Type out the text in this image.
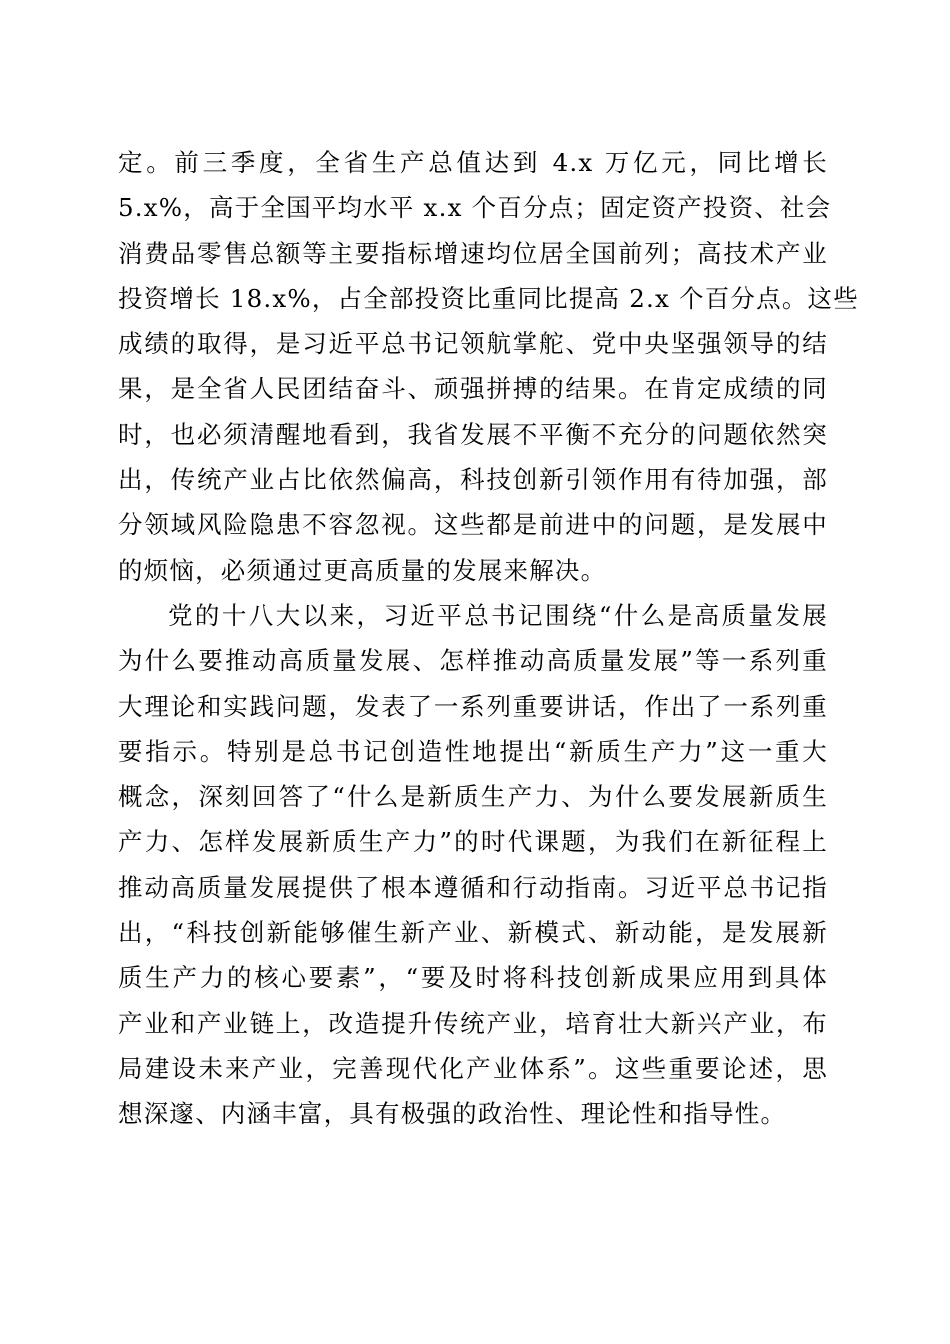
定。前三季度，全省生产总值达到 4.x 万亿元，同比增长
5.x%，高于全国平均水平 x.x 个百分点；固定资产投资、社会
消费品零售总额等主要指标增速均位居全国前列；高技术产业
投资增长 18.x%，占全部投资比重同比提高 2.x 个百分点。这些
成绩的取得，是习近平总书记领航掌舵、党中央坚强领导的结
果，是全省人民团结奋斗、顽强拼搏的结果。在肯定成绩的同
时，也必须清醒地看到，我省发展不平衡不充分的问题依然突
出，传统产业占比依然偏高，科技创新引领作用有待加强，部
分领域风险隐患不容忽视。这些都是前进中的问题，是发展中
的烦恼，必须通过更高质量的发展来解决。
党的十八大以来，习近平总书记围绕“什么是高质量发展
为什么要推动高质量发展、怎样推动高质量发展”等一系列重
大理论和实践问题，发表了一系列重要讲话，作出了一系列重
要指示。特别是总书记创造性地提出“新质生产力”这一重大
概念，深刻回答了“什么是新质生产力、为什么要发展新质生
产力、怎样发展新质生产力”的时代课题，为我们在新征程上
推动高质量发展提供了根本遵循和行动指南。习近平总书记指
出，“科技创新能够催生新产业、新模式、新动能，是发展新
质生产力的核心要素”，“要及时将科技创新成果应用到具体
产业和产业链上，改造提升传统产业，培育壮大新兴产业，布
局建设未来产业，完善现代化产业体系”。这些重要论述，思
想深邃、内涵丰富，具有极强的政治性、理论性和指导性。
